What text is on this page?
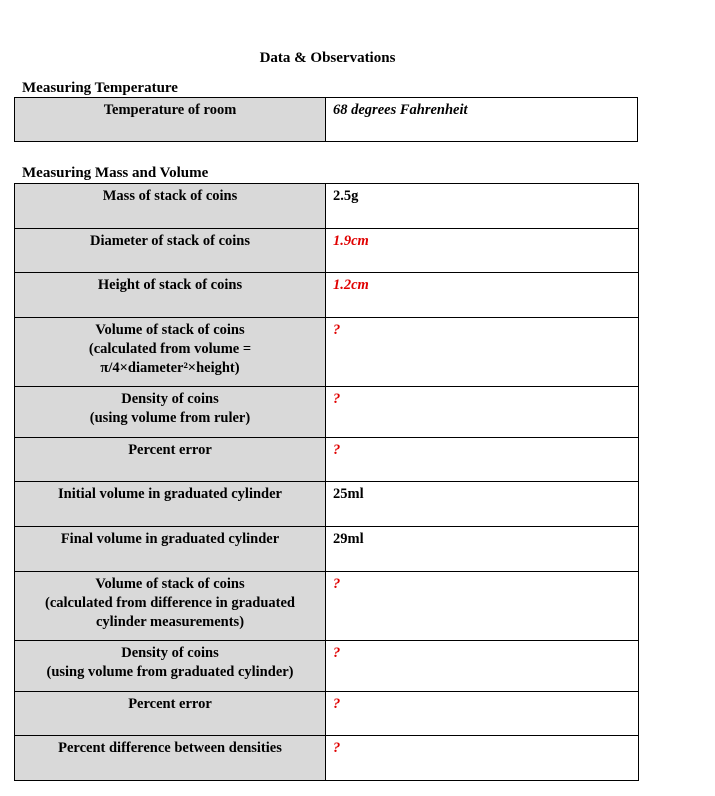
Data & Observations
Measuring Temperature
Temperature of room	68 degrees Fahrenheit
Measuring Mass and Volume
Mass of stack of coins	2.5g

Diameter of stack of coins	1.9cm

Height of stack of coins	1.2cm

Volume of stack of coins
(calculated from volume =
π/4×diameter²×height)	?

Density of coins
(using volume from ruler)	?

Percent error	?

Initial volume in graduated cylinder	25ml

Final volume in graduated cylinder	29ml

Volume of stack of coins
(calculated from difference in graduated
cylinder measurements)	?

Density of coins
(using volume from graduated cylinder)	?

Percent error	?

Percent difference between densities	?
